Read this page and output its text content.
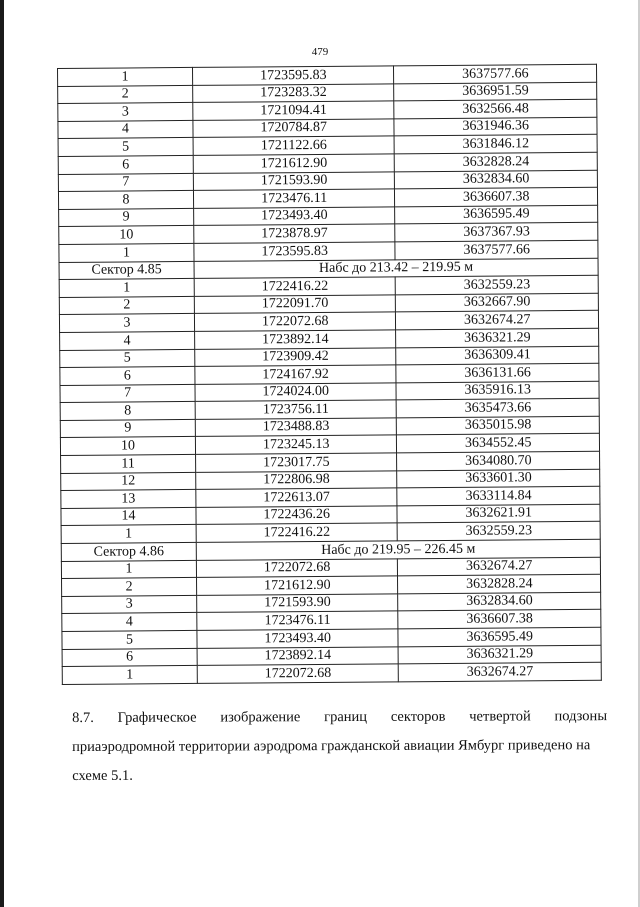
479
1	1723595.83	3637577.66
2	1723283.32	3636951.59
3	1721094.41	3632566.48
4	1720784.87	3631946.36
5	1721122.66	3631846.12
6	1721612.90	3632828.24
7	1721593.90	3632834.60
8	1723476.11	3636607.38
9	1723493.40	3636595.49
10	1723878.97	3637367.93
1	1723595.83	3637577.66
Сектор 4.85	Набс до 213.42 – 219.95 м	
1	1722416.22	3632559.23
2	1722091.70	3632667.90
3	1722072.68	3632674.27
4	1723892.14	3636321.29
5	1723909.42	3636309.41
6	1724167.92	3636131.66
7	1724024.00	3635916.13
8	1723756.11	3635473.66
9	1723488.83	3635015.98
10	1723245.13	3634552.45
11	1723017.75	3634080.70
12	1722806.98	3633601.30
13	1722613.07	3633114.84
14	1722436.26	3632621.91
1	1722416.22	3632559.23
Сектор 4.86	Набс до 219.95 – 226.45 м	
1	1722072.68	3632674.27
2	1721612.90	3632828.24
3	1721593.90	3632834.60
4	1723476.11	3636607.38
5	1723493.40	3636595.49
6	1723892.14	3636321.29
1	1722072.68	3632674.27
8.7. Графическое изображение границ секторов четвертой подзоны
приаэродромной территории аэродрома гражданской авиации Ямбург приведено на
схеме 5.1.
